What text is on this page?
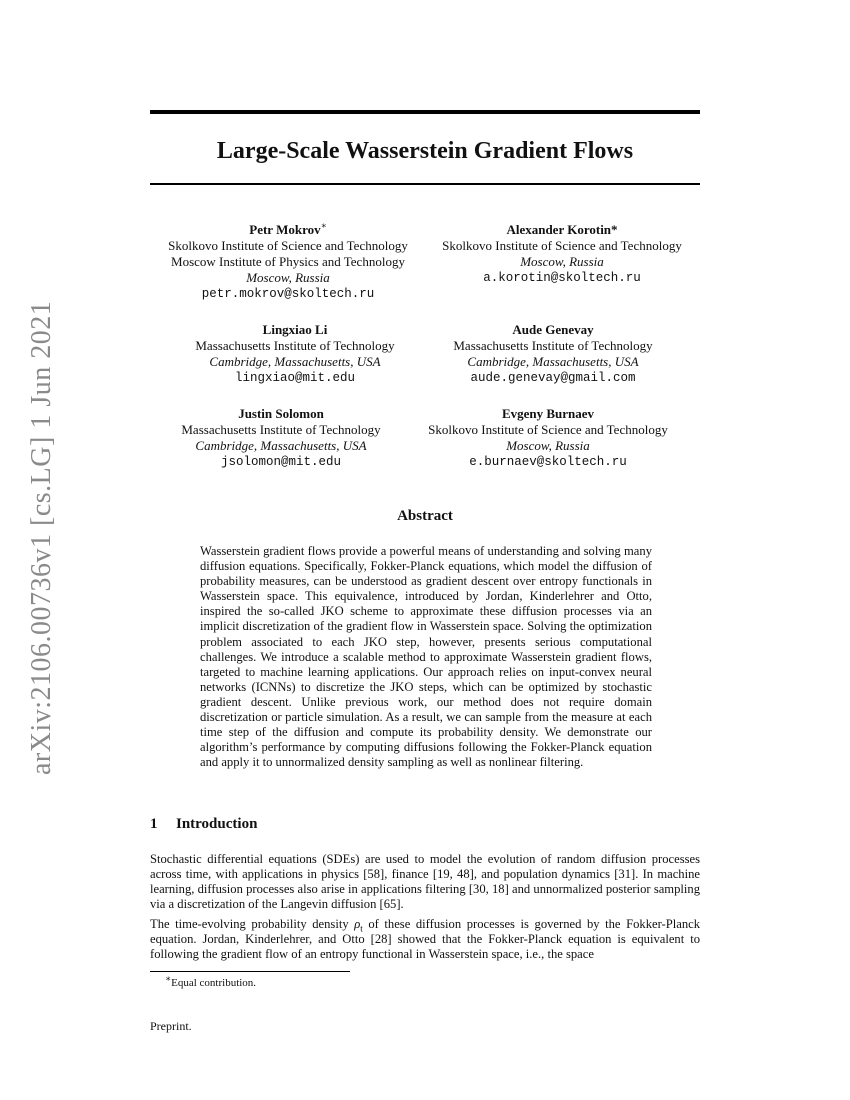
arXiv:2106.00736v1 [cs.LG] 1 Jun 2021
Large-Scale Wasserstein Gradient Flows
Petr Mokrov∗
Skolkovo Institute of Science and Technology
Moscow Institute of Physics and Technology
Moscow, Russia
petr.mokrov@skoltech.ru
Alexander Korotin*
Skolkovo Institute of Science and Technology
Moscow, Russia
a.korotin@skoltech.ru
Lingxiao Li
Massachusetts Institute of Technology
Cambridge, Massachusetts, USA
lingxiao@mit.edu
Aude Genevay
Massachusetts Institute of Technology
Cambridge, Massachusetts, USA
aude.genevay@gmail.com
Justin Solomon
Massachusetts Institute of Technology
Cambridge, Massachusetts, USA
jsolomon@mit.edu
Evgeny Burnaev
Skolkovo Institute of Science and Technology
Moscow, Russia
e.burnaev@skoltech.ru
Abstract
Wasserstein gradient flows provide a powerful means of understanding and solving many diffusion equations. Specifically, Fokker-Planck equations, which model the diffusion of probability measures, can be understood as gradient descent over entropy functionals in Wasserstein space. This equivalence, introduced by Jordan, Kinderlehrer and Otto, inspired the so-called JKO scheme to approximate these diffusion processes via an implicit discretization of the gradient flow in Wasserstein space. Solving the optimization problem associated to each JKO step, however, presents serious computational challenges. We introduce a scalable method to approximate Wasserstein gradient flows, targeted to machine learning applications. Our approach relies on input-convex neural networks (ICNNs) to discretize the JKO steps, which can be optimized by stochastic gradient descent. Unlike previous work, our method does not require domain discretization or particle simulation. As a result, we can sample from the measure at each time step of the diffusion and compute its probability density. We demonstrate our algorithm’s performance by computing diffusions following the Fokker-Planck equation and apply it to unnormalized density sampling as well as nonlinear filtering.
1 Introduction
Stochastic differential equations (SDEs) are used to model the evolution of random diffusion processes across time, with applications in physics [58], finance [19, 48], and population dynamics [31]. In machine learning, diffusion processes also arise in applications filtering [30, 18] and unnormalized posterior sampling via a discretization of the Langevin diffusion [65].
The time-evolving probability density $\rho_t$ of these diffusion processes is governed by the Fokker-Planck equation. Jordan, Kinderlehrer, and Otto [28] showed that the Fokker-Planck equation is equivalent to following the gradient flow of an entropy functional in Wasserstein space, i.e., the space
∗Equal contribution.
Preprint.
